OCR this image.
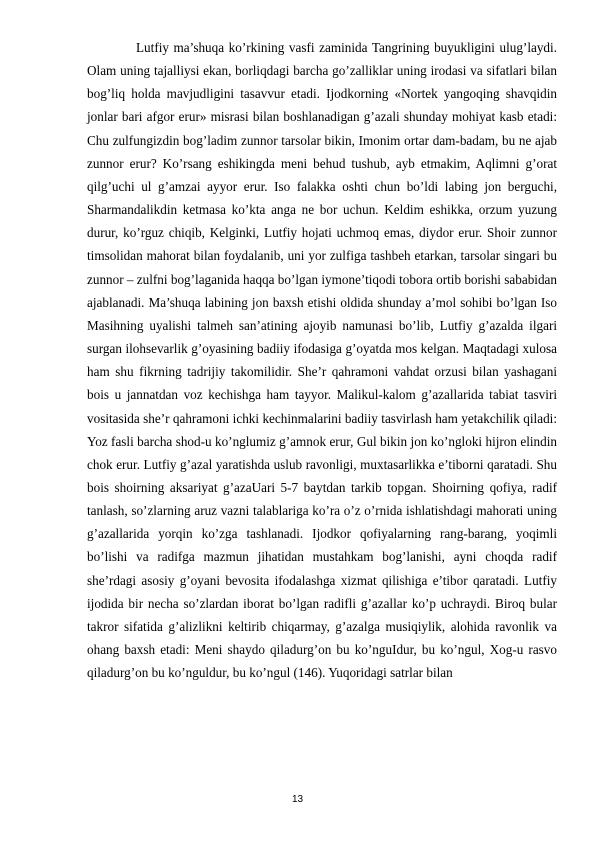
Lutfiy ma’shuqa ko’rkining vasfi zaminida Tangrining buyukligini ulug’laydi. Olam uning tajalliysi ekan, borliqdagi barcha go’zalliklar uning irodasi va sifatlari bilan bog’liq holda mavjudligini tasavvur etadi. Ijodkorning «Nortek yangoqing shavqidin jonlar bari afgor erur» misrasi bilan boshlanadigan g’azali shunday mohiyat kasb etadi: Chu zulfungizdin bog’ladim zunnor tarsolar bikin, Imonim ortar dam-badam, bu ne ajab zunnor erur? Ko’rsang eshikingda meni behud tushub, ayb etmakim, Aqlimni g’orat qilg’uchi ul g’amzai ayyor erur. Iso falakka oshti chun bo’ldi labing jon berguchi, Sharmandalikdin ketmasa ko’kta anga ne bor uchun. Keldim eshikka, orzum yuzung durur, ko’rguz chiqib, Kelginki, Lutfiy hojati uchmoq emas, diydor erur. Shoir zunnor timsolidan mahorat bilan foydalanib, uni yor zulfiga tashbeh etarkan, tarsolar singari bu zunnor – zulfni bog’laganida haqqa bo’lgan iymone’tiqodi tobora ortib borishi sababidan ajablanadi. Ma’shuqa labining jon baxsh etishi oldida shunday a’mol sohibi bo’lgan Iso Masihning uyalishi talmeh san’atining ajoyib namunasi bo’lib, Lutfiy g’azalda ilgari surgan ilohsevarlik g’oyasining badiiy ifodasiga g’oyatda mos kelgan. Maqtadagi xulosa ham shu fikrning tadrijiy takomilidir. She’r qahramoni vahdat orzusi bilan yashagani bois u jannatdan voz kechishga ham tayyor. Malikul-kalom g’azallarida tabiat tasviri vositasida she’r qahramoni ichki kechinmalarini badiiy tasvirlash ham yetakchilik qiladi: Yoz fasli barcha shod-u ko’nglumiz g’amnok erur, Gul bikin jon ko’ngloki hijron elindin chok erur. Lutfiy g’azal yaratishda uslub ravonligi, muxtasarlikka e’tiborni qaratadi. Shu bois shoirning aksariyat g’azaUari 5-7 baytdan tarkib topgan. Shoirning qofiya, radif tanlash, so’zlarning aruz vazni talablariga ko’ra o’z o’rnida ishlatishdagi mahorati uning g’azallarida yorqin ko’zga tashlanadi. Ijodkor qofiyalarning rang-barang, yoqimli bo’lishi va radifga mazmun jihatidan mustahkam bog’lanishi, ayni choqda radif she’rdagi asosiy g’oyani bevosita ifodalashga xizmat qilishiga e’tibor qaratadi. Lutfiy ijodida bir necha so’zlardan iborat bo’lgan radifli g’azallar ko’p uchraydi. Biroq bular takror sifatida g’alizlikni keltirib chiqarmay, g’azalga musiqiylik, alohida ravonlik va ohang baxsh etadi: Meni shaydo qiladurg’on bu ko’nguIdur, bu ko’ngul, Xog-u rasvo qiladurg’on bu ko’nguldur, bu ko’ngul (146). Yuqoridagi satrlar bilan

13
